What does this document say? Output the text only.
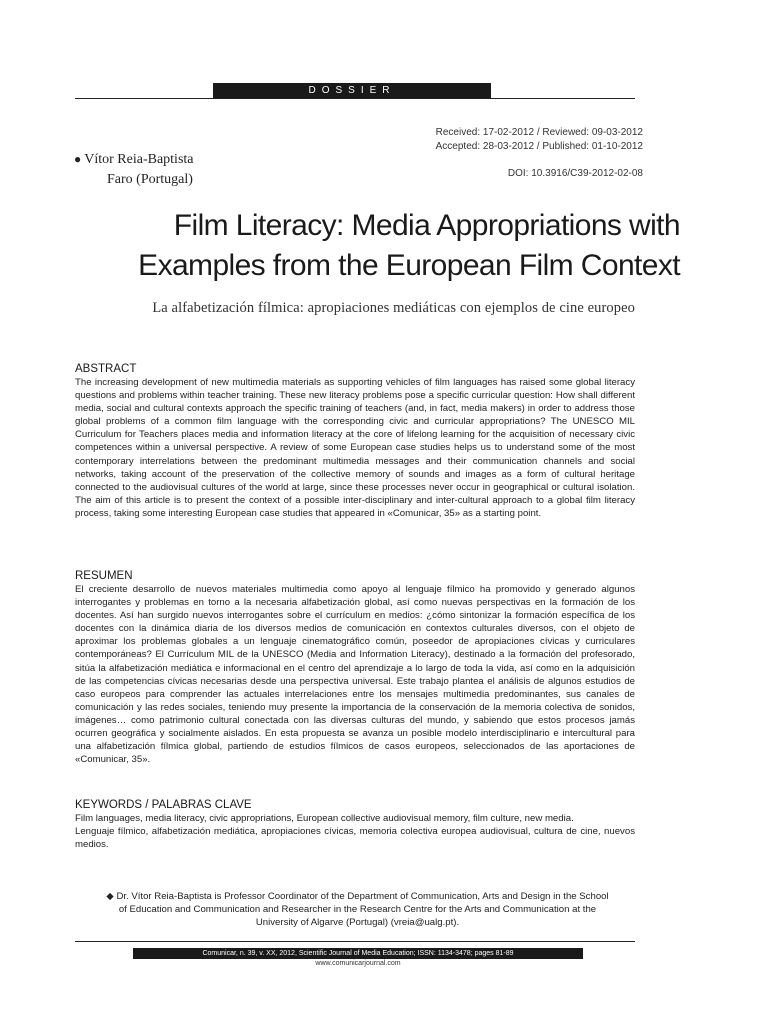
DOSSIER
● Vítor Reia-Baptista
Faro (Portugal)
Received: 17-02-2012 / Reviewed: 09-03-2012
Accepted: 28-03-2012 / Published: 01-10-2012
DOI: 10.3916/C39-2012-02-08
Film Literacy: Media Appropriations with
Examples from the European Film Context
La alfabetización fílmica: apropiaciones mediáticas con ejemplos de cine europeo
ABSTRACT
The increasing development of new multimedia materials as supporting vehicles of film languages has raised some global literacy questions and problems within teacher training. These new literacy problems pose a specific curricular question: How shall different media, social and cultural contexts approach the specific training of teachers (and, in fact, media makers) in order to address those global problems of a common film language with the corresponding civic and curricular appropriations? The UNESCO MIL Curriculum for Teachers places media and information literacy at the core of lifelong learning for the acquisition of necessary civic competences within a universal perspective. A review of some European case studies helps us to understand some of the most contemporary interrelations between the predominant multimedia messages and their communication channels and social networks, taking account of the preservation of the collective memory of sounds and images as a form of cultural heritage connected to the audiovisual cultures of the world at large, since these processes never occur in geographical or cultural isolation. The aim of this article is to present the context of a possible inter-disciplinary and inter-cultural approach to a global film literacy process, taking some interesting European case studies that appeared in «Comunicar, 35» as a starting point.
RESUMEN
El creciente desarrollo de nuevos materiales multimedia como apoyo al lenguaje fílmico ha promovido y generado algunos interrogantes y problemas en torno a la necesaria alfabetización global, así como nuevas perspectivas en la formación de los docentes. Así han surgido nuevos interrogantes sobre el currículum en medios: ¿cómo sintonizar la formación específica de los docentes con la dinámica diaria de los diversos medios de comunicación en contextos culturales diversos, con el objeto de aproximar los problemas globales a un lenguaje cinematográfico común, poseedor de apropiaciones cívicas y curriculares contemporáneas? El Currículum MIL de la UNESCO (Media and Information Literacy), destinado a la formación del profesorado, sitúa la alfabetización mediática e informacional en el centro del aprendizaje a lo largo de toda la vida, así como en la adquisición de las competencias cívicas necesarias desde una perspectiva universal. Este trabajo plantea el análisis de algunos estudios de caso europeos para comprender las actuales interrelaciones entre los mensajes multimedia predominantes, sus canales de comunicación y las redes sociales, teniendo muy presente la importancia de la conservación de la memoria colectiva de sonidos, imágenes… como patrimonio cultural conectada con las diversas culturas del mundo, y sabiendo que estos procesos jamás ocurren geográfica y socialmente aislados. En esta propuesta se avanza un posible modelo interdisciplinario e intercultural para una alfabetización fílmica global, partiendo de estudios fílmicos de casos europeos, seleccionados de las aportaciones de «Comunicar, 35».
KEYWORDS / PALABRAS CLAVE
Film languages, media literacy, civic appropriations, European collective audiovisual memory, film culture, new media.
Lenguaje fílmico, alfabetización mediática, apropiaciones cívicas, memoria colectiva europea audiovisual, cultura de cine, nuevos medios.
◆ Dr. Vítor Reia-Baptista is Professor Coordinator of the Department of Communication, Arts and Design in the School
of Education and Communication and Researcher in the Research Centre for the Arts and Communication at the
University of Algarve (Portugal) (vreia@ualg.pt).
Comunicar, n. 39, v. XX, 2012, Scientific Journal of Media Education; ISSN: 1134-3478; pages 81-89
www.comunicarjournal.com
